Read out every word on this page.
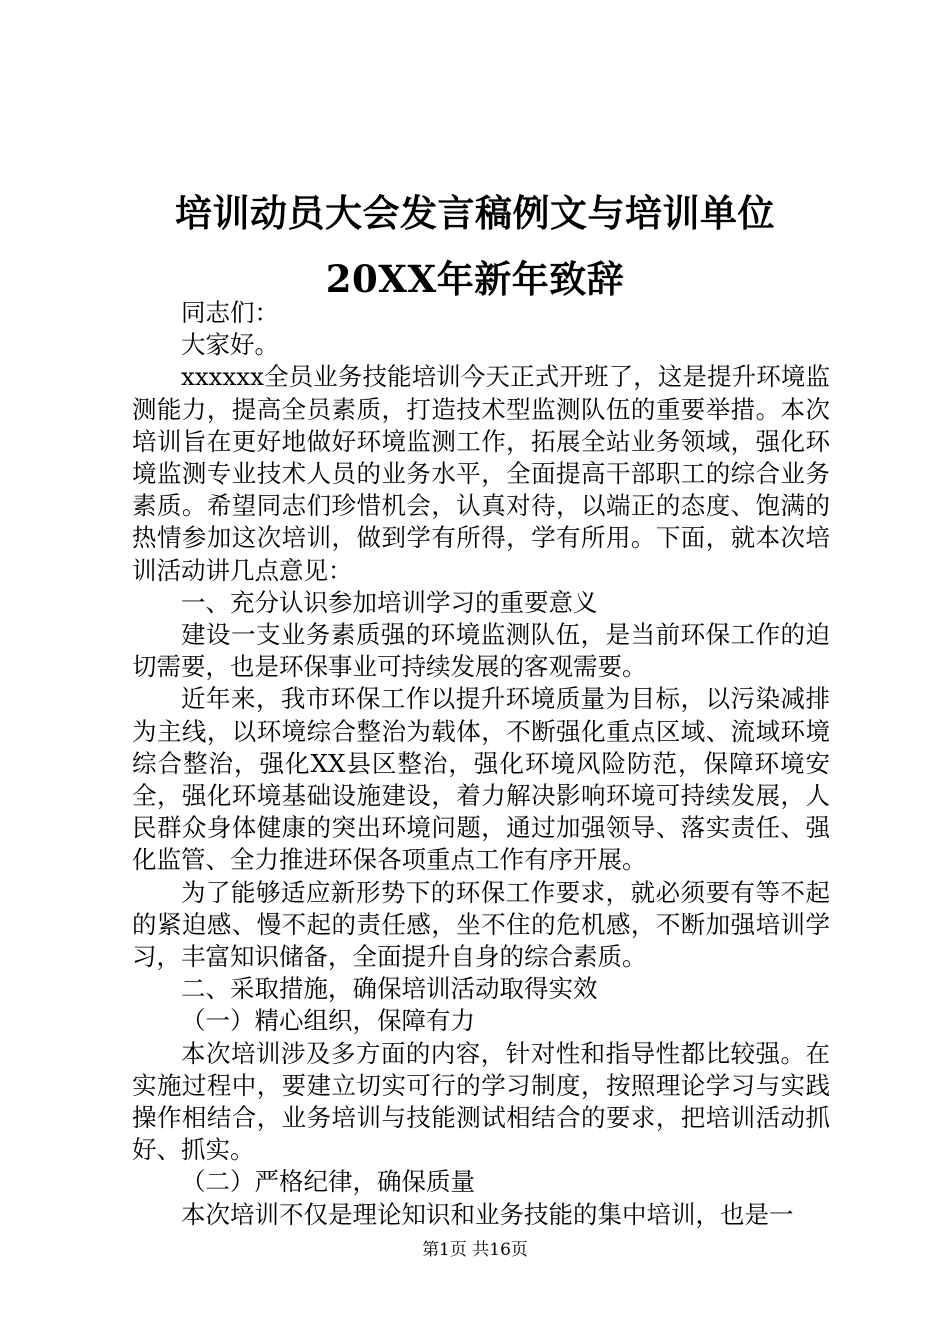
培训动员大会发言稿例文与培训单位20XX年新年致辞

同志们：

大家好。

xxxxxx全员业务技能培训今天正式开班了，这是提升环境监测能力，提高全员素质，打造技术型监测队伍的重要举措。本次培训旨在更好地做好环境监测工作，拓展全站业务领域，强化环境监测专业技术人员的业务水平，全面提高干部职工的综合业务素质。希望同志们珍惜机会，认真对待，以端正的态度、饱满的热情参加这次培训，做到学有所得，学有所用。下面，就本次培训活动讲几点意见：

一、充分认识参加培训学习的重要意义

建设一支业务素质强的环境监测队伍，是当前环保工作的迫切需要，也是环保事业可持续发展的客观需要。

近年来，我市环保工作以提升环境质量为目标，以污染减排为主线，以环境综合整治为载体，不断强化重点区域、流域环境综合整治，强化XX县区整治，强化环境风险防范，保障环境安全，强化环境基础设施建设，着力解决影响环境可持续发展，人民群众身体健康的突出环境问题，通过加强领导、落实责任、强化监管、全力推进环保各项重点工作有序开展。

为了能够适应新形势下的环保工作要求，就必须要有等不起的紧迫感、慢不起的责任感，坐不住的危机感，不断加强培训学习，丰富知识储备，全面提升自身的综合素质。

二、采取措施，确保培训活动取得实效

（一）精心组织，保障有力

本次培训涉及多方面的内容，针对性和指导性都比较强。在实施过程中，要建立切实可行的学习制度，按照理论学习与实践操作相结合，业务培训与技能测试相结合的要求，把培训活动抓好、抓实。

（二）严格纪律，确保质量

本次培训不仅是理论知识和业务技能的集中培训，也是一

第1页 共16页
